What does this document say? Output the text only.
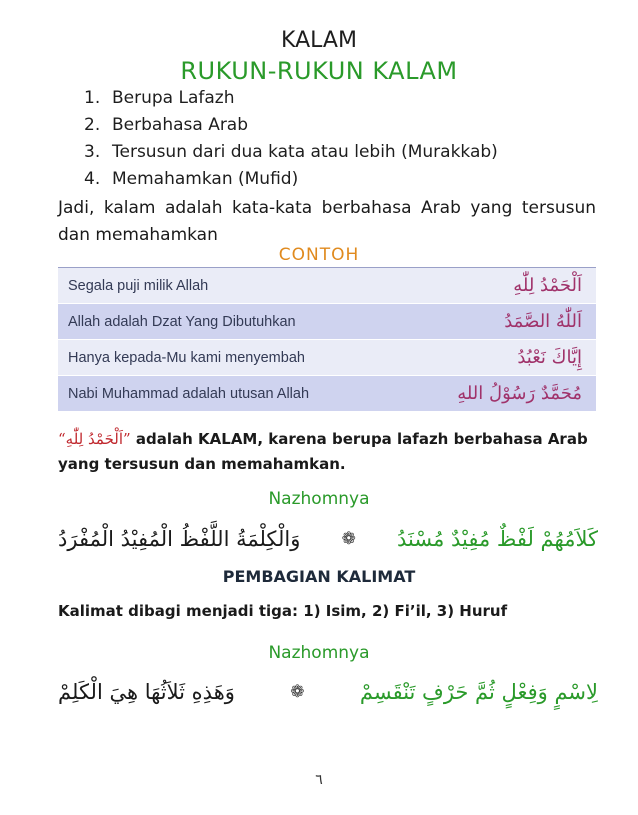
KALAM
RUKUN-RUKUN KALAM
1. Berupa Lafazh
2. Berbahasa Arab
3. Tersusun dari dua kata atau lebih (Murakkab)
4. Memahamkan (Mufid)
Jadi, kalam adalah kata-kata berbahasa Arab yang tersusun dan memahamkan
CONTOH
Segala puji milik Allah	اَلْحَمْدُ لِلّٰهِ
Allah adalah Dzat Yang Dibutuhkan	اَللّٰهُ الصَّمَدُ
Hanya kepada-Mu kami menyembah	إِيَّاكَ نَعْبُدُ
Nabi Muhammad adalah utusan Allah	مُحَمَّدٌ رَسُوْلُ اللهِ
“اَلْحَمْدُ لِلّٰهِ” adalah KALAM, karena berupa lafazh berbahasa Arab yang tersusun dan memahamkan.
Nazhomnya
كَلاَمُهُمْ لَفْظٌ مُفِيْدٌ مُسْنَدُ
❁
وَالْكِلْمَةُ اللَّفْظُ الْمُفِيْدُ الْمُفْرَدُ
PEMBAGIAN KALIMAT
Kalimat dibagi menjadi tiga: 1) Isim, 2) Fi’il, 3) Huruf
Nazhomnya
لِاسْمٍ وَفِعْلٍ ثُمَّ حَرْفٍ تَنْقَسِمْ
❁
وَهَذِهِ ثَلاَثُهَا هِيَ الْكَلِمْ
٦
